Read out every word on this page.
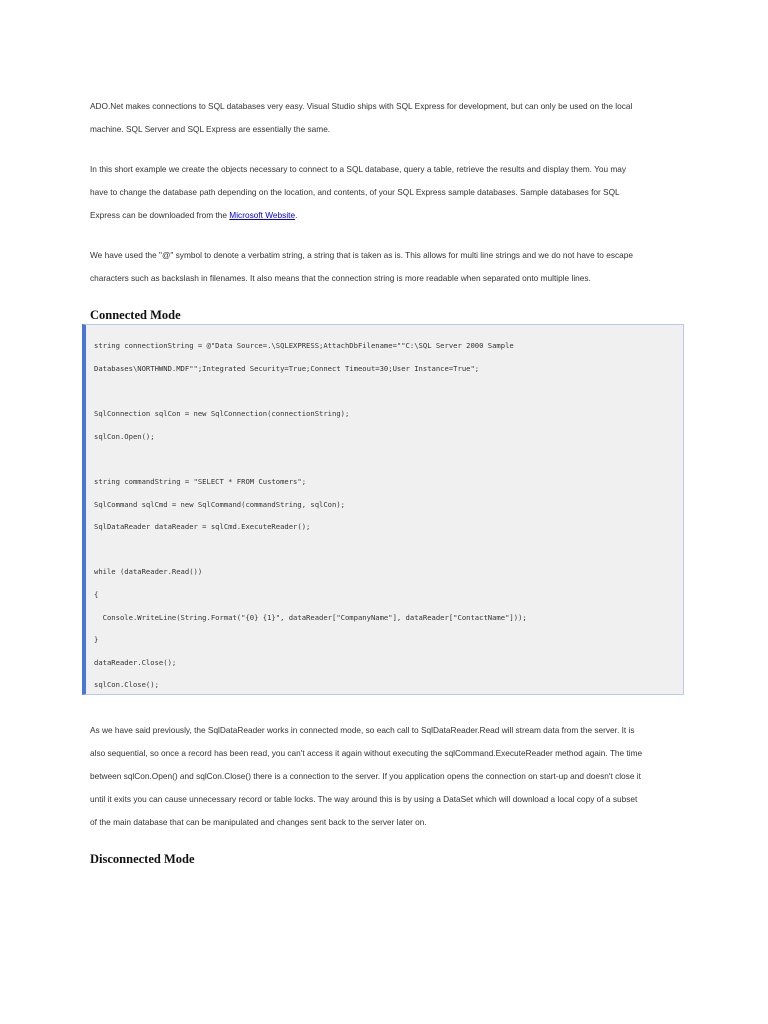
ADO.Net makes connections to SQL databases very easy. Visual Studio ships with SQL Express for development, but can only be used on the local
machine. SQL Server and SQL Express are essentially the same.

In this short example we create the objects necessary to connect to a SQL database, query a table, retrieve the results and display them. You may
have to change the database path depending on the location, and contents, of your SQL Express sample databases. Sample databases for SQL
Express can be downloaded from the Microsoft Website.

We have used the "@" symbol to denote a verbatim string, a string that is taken as is. This allows for multi line strings and we do not have to escape
characters such as backslash in filenames. It also means that the connection string is more readable when separated onto multiple lines.

Connected Mode
string connectionString = @"Data Source=.\SQLEXPRESS;AttachDbFilename=""C:\SQL Server 2000 Sample
Databases\NORTHWND.MDF"";Integrated Security=True;Connect Timeout=30;User Instance=True";
SqlConnection sqlCon = new SqlConnection(connectionString);
sqlCon.Open();
string commandString = "SELECT * FROM Customers";
SqlCommand sqlCmd = new SqlCommand(commandString, sqlCon);
SqlDataReader dataReader = sqlCmd.ExecuteReader();
while (dataReader.Read())
{
Console.WriteLine(String.Format("{0} {1}", dataReader["CompanyName"], dataReader["ContactName"]));
}
dataReader.Close();
sqlCon.Close();

As we have said previously, the SqlDataReader works in connected mode, so each call to SqlDataReader.Read will stream data from the server. It is
also sequential, so once a record has been read, you can't access it again without executing the sqlCommand.ExecuteReader method again. The time
between sqlCon.Open() and sqlCon.Close() there is a connection to the server. If you application opens the connection on start-up and doesn't close it
until it exits you can cause unnecessary record or table locks. The way around this is by using a DataSet which will download a local copy of a subset
of the main database that can be manipulated and changes sent back to the server later on.

Disconnected Mode
